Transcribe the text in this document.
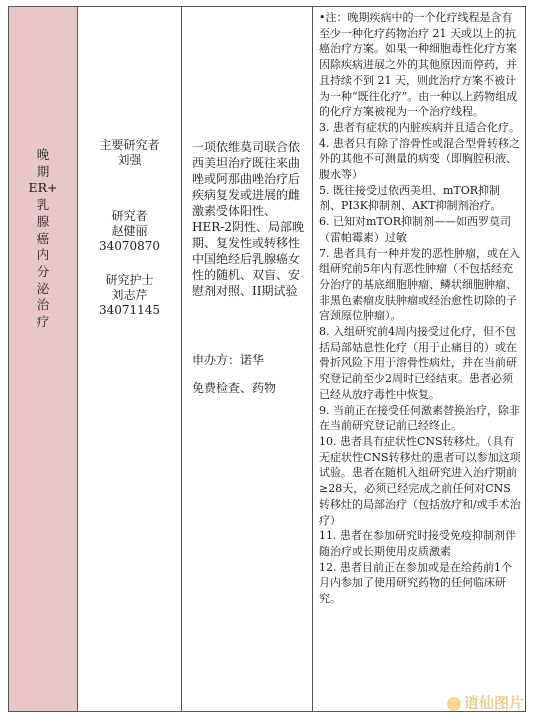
晚
期
ER+
乳
腺
癌
内
分
泌
治
疗
主要研究者
刘强
研究者
赵健丽
34070870
研究护士
刘志芹
34071145
一项依维莫司联合依西美坦治疗既往来曲唑或阿那曲唑治疗后疾病复发或进展的雌激素受体阳性、HER-2阴性、局部晚期、复发性或转移性中国绝经后乳腺癌女性的随机、双盲、安慰剂对照、II期试验
申办方：诺华
免费检查、药物

•注：晚期疾病中的一个化疗线程是含有至少一种化疗药物治疗 21 天或以上的抗癌治疗方案。如果一种细胞毒性化疗方案因除疾病进展之外的其他原因而停药，并且持续不到 21 天，则此治疗方案不被计为一种“既往化疗”。由一种以上药物组成的化疗方案被视为一个治疗线程。

3. 患者有症状的内脏疾病并且适合化疗。

4. 患者只有除了溶骨性或混合型骨转移之外的其他不可测量的病变（即胸腔积液、腹水等）

5. 既往接受过依西美坦、mTOR抑制剂、PI3K抑制剂、AKT抑制剂治疗。

6. 已知对mTOR抑制剂——如西罗莫司（雷帕霉素）过敏

7. 患者具有一种并发的恶性肿瘤，或在入组研究前5年内有恶性肿瘤（不包括经充分治疗的基底细胞肿瘤、鳞状细胞肿瘤、非黑色素瘤皮肤肿瘤或经治愈性切除的子宫颈原位肿瘤）。

8. 入组研究前4周内接受过化疗，但不包括局部姑息性化疗（用于止痛目的）或在骨折风险下用于溶骨性病灶，并在当前研究登记前至少2周时已经结束。患者必须已经从放疗毒性中恢复。

9. 当前正在接受任何激素替换治疗，除非在当前研究登记前已经终止。

10. 患者具有症状性CNS转移灶。（具有无症状性CNS转移灶的患者可以参加这项试验。患者在随机入组研究进入治疗期前≥28天，必须已经完成之前任何对CNS转移灶的局部治疗（包括放疗和/或手术治疗）

11. 患者在参加研究时接受免疫抑制剂伴随治疗或长期使用皮质激素

12. 患者目前正在参加或是在给药前1个月内参加了使用研究药物的任何临床研究。

逍仙图片
